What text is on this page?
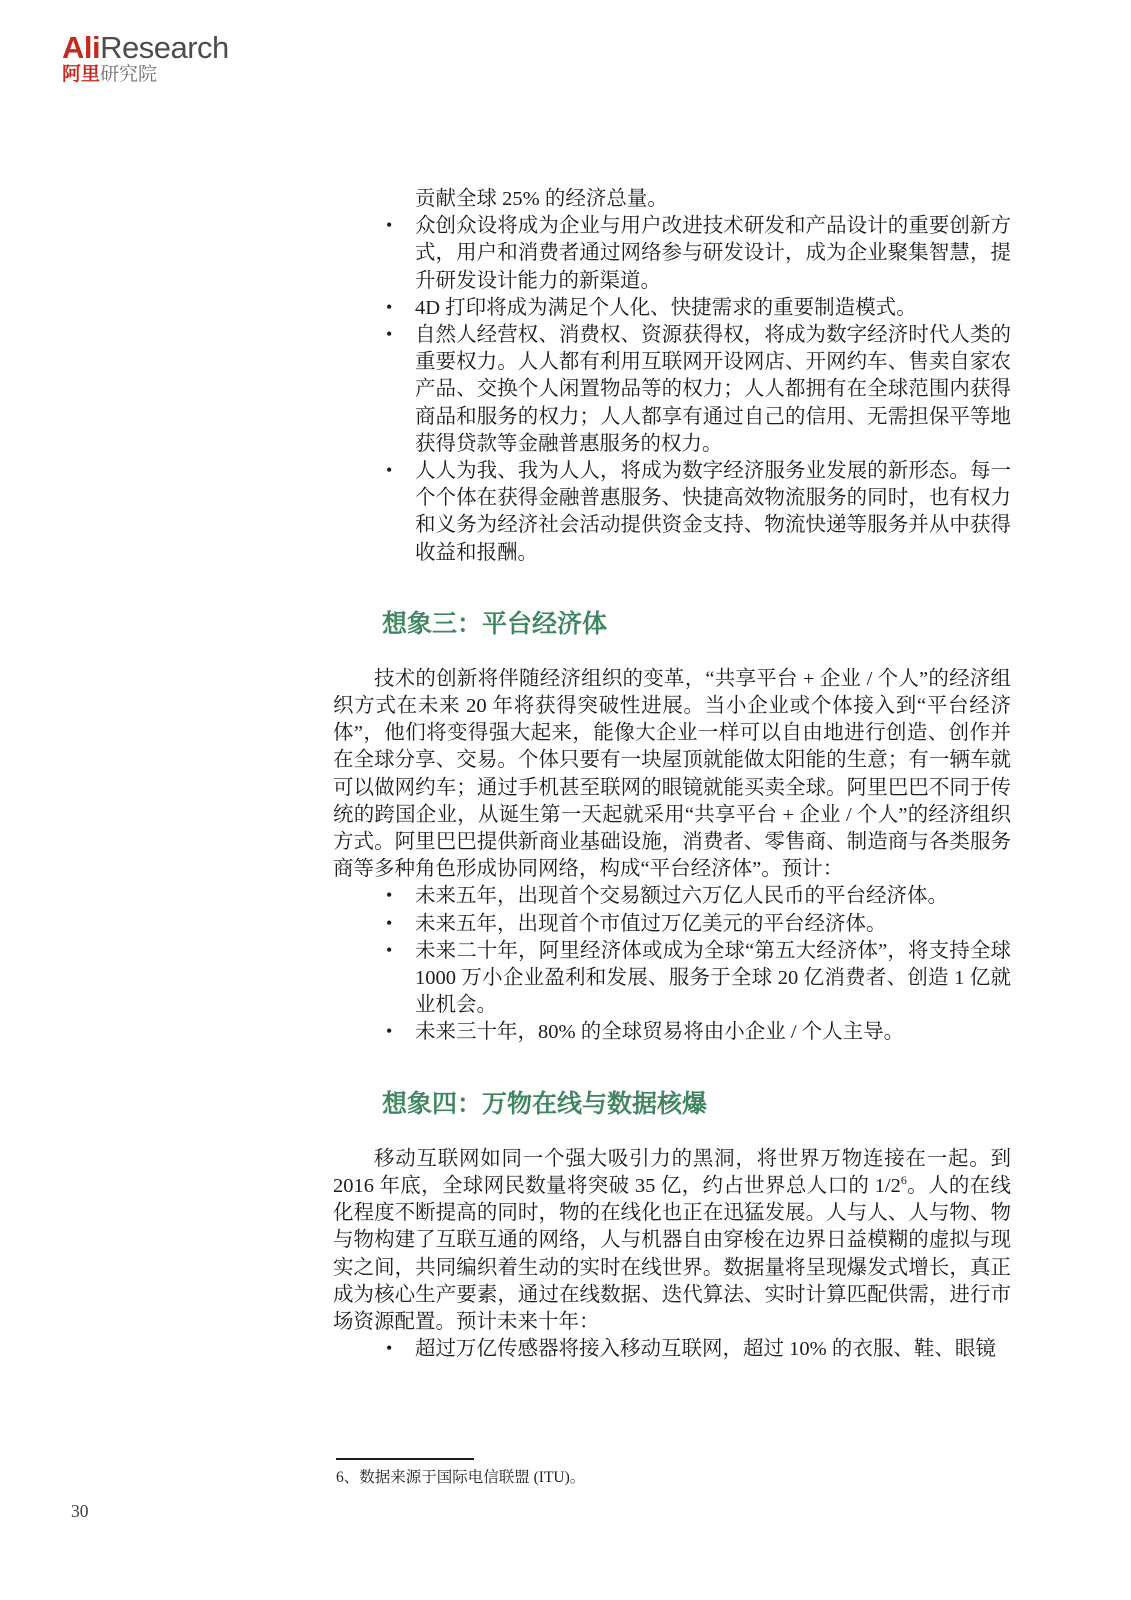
AliResearch
阿里研究院
贡献全球 25% 的经济总量。
• 众创众设将成为企业与用户改进技术研发和产品设计的重要创新方式，用户和消费者通过网络参与研发设计，成为企业聚集智慧，提升研发设计能力的新渠道。
• 4D 打印将成为满足个人化、快捷需求的重要制造模式。
• 自然人经营权、消费权、资源获得权，将成为数字经济时代人类的重要权力。人人都有利用互联网开设网店、开网约车、售卖自家农产品、交换个人闲置物品等的权力；人人都拥有在全球范围内获得商品和服务的权力；人人都享有通过自己的信用、无需担保平等地获得贷款等金融普惠服务的权力。
• 人人为我、我为人人，将成为数字经济服务业发展的新形态。每一个个体在获得金融普惠服务、快捷高效物流服务的同时，也有权力和义务为经济社会活动提供资金支持、物流快递等服务并从中获得收益和报酬。
想象三：平台经济体

技术的创新将伴随经济组织的变革，“共享平台 + 企业 / 个人”的经济组织方式在未来 20 年将获得突破性进展。当小企业或个体接入到“平台经济体”，他们将变得强大起来，能像大企业一样可以自由地进行创造、创作并在全球分享、交易。个体只要有一块屋顶就能做太阳能的生意；有一辆车就可以做网约车；通过手机甚至联网的眼镜就能买卖全球。阿里巴巴不同于传统的跨国企业，从诞生第一天起就采用“共享平台 + 企业 / 个人”的经济组织方式。阿里巴巴提供新商业基础设施，消费者、零售商、制造商与各类服务商等多种角色形成协同网络，构成“平台经济体”。预计：

• 未来五年，出现首个交易额过六万亿人民币的平台经济体。
• 未来五年，出现首个市值过万亿美元的平台经济体。
• 未来二十年，阿里经济体或成为全球“第五大经济体”，将支持全球 1000 万小企业盈利和发展、服务于全球 20 亿消费者、创造 1 亿就业机会。
• 未来三十年，80% 的全球贸易将由小企业 / 个人主导。
想象四：万物在线与数据核爆

移动互联网如同一个强大吸引力的黑洞，将世界万物连接在一起。到 2016 年底，全球网民数量将突破 35 亿，约占世界总人口的 $1/2^6$。人的在线化程度不断提高的同时，物的在线化也正在迅猛发展。人与人、人与物、物与物构建了互联互通的网络，人与机器自由穿梭在边界日益模糊的虚拟与现实之间，共同编织着生动的实时在线世界。数据量将呈现爆发式增长，真正成为核心生产要素，通过在线数据、迭代算法、实时计算匹配供需，进行市场资源配置。预计未来十年：

• 超过万亿传感器将接入移动互联网，超过 10% 的衣服、鞋、眼镜
6、数据来源于国际电信联盟 (ITU)。
30
